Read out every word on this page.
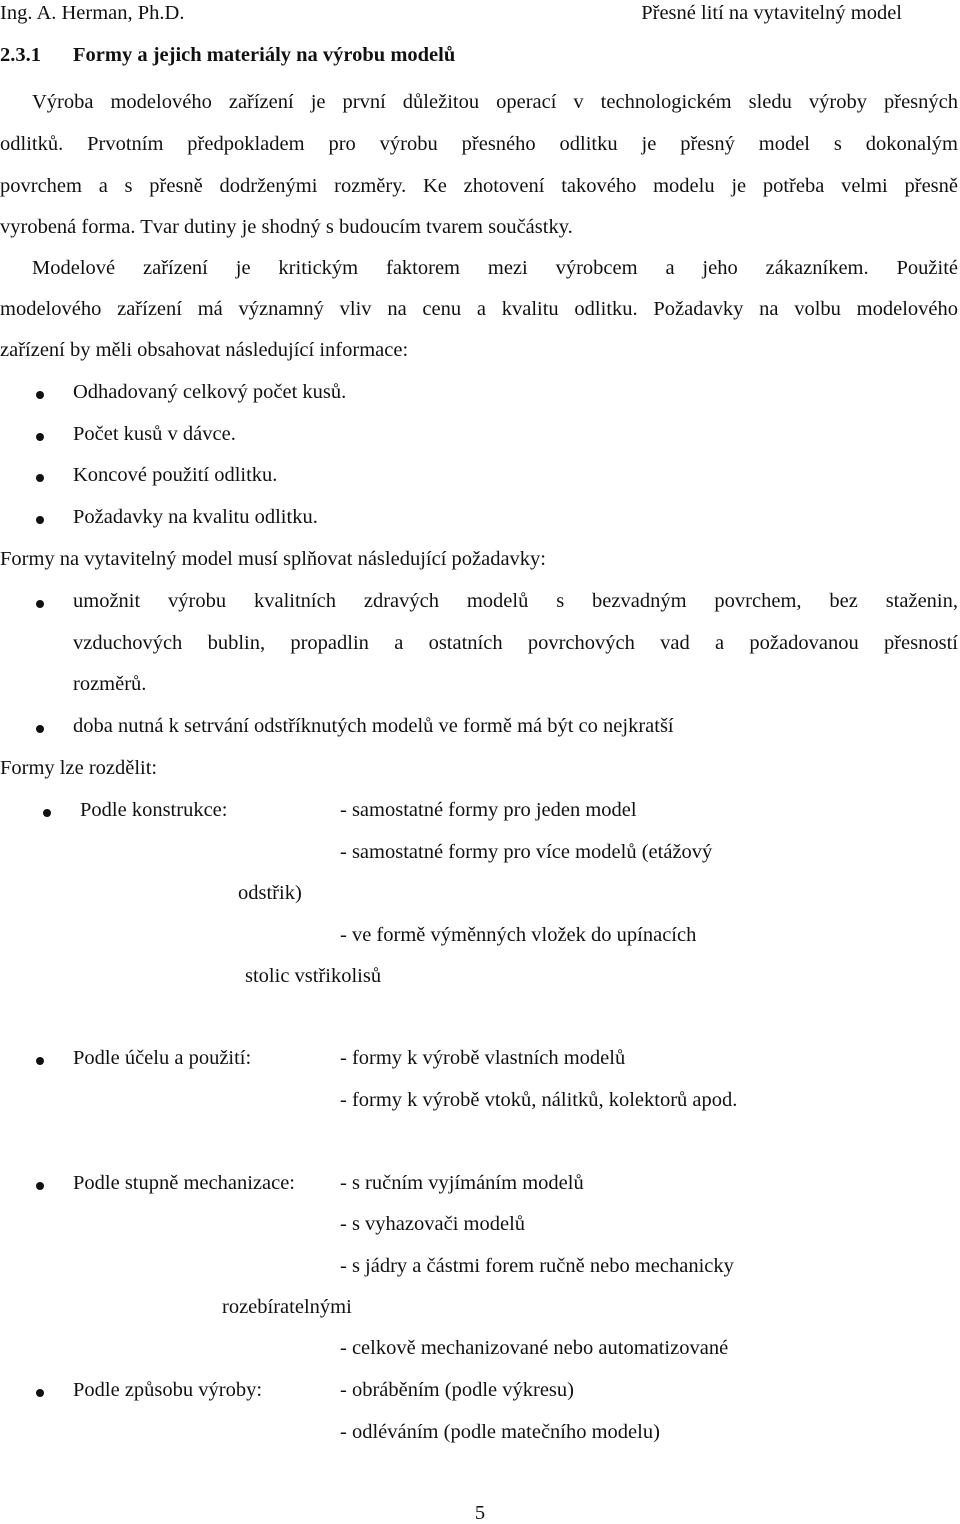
Ing. A. Herman, Ph.D.	Přesné lití na vytavitelný model
2.3.1 Formy a jejich materiály na výrobu modelů
Výroba modelového zařízení je první důležitou operací v technologickém sledu výroby přesných
odlitků. Prvotním předpokladem pro výrobu přesného odlitku je přesný model s dokonalým
povrchem a s přesně dodrženými rozměry. Ke zhotovení takového modelu je potřeba velmi přesně
vyrobená forma. Tvar dutiny je shodný s budoucím tvarem součástky.
Modelové zařízení je kritickým faktorem mezi výrobcem a jeho zákazníkem. Použité
modelového zařízení má významný vliv na cenu a kvalitu odlitku. Požadavky na volbu modelového
zařízení by měli obsahovat následující informace:
Odhadovaný celkový počet kusů.
Počet kusů v dávce.
Koncové použití odlitku.
Požadavky na kvalitu odlitku.
Formy na vytavitelný model musí splňovat následující požadavky:
umožnit výrobu kvalitních zdravých modelů s bezvadným povrchem, bez staženin,
vzduchových bublin, propadlin a ostatních povrchových vad a požadovanou přesností
rozměrů.
doba nutná k setrvání odstříknutých modelů ve formě má být co nejkratší
Formy lze rozdělit:
Podle konstrukce:	- samostatné formy pro jeden model
- samostatné formy pro více modelů (etážový
odstřik)
- ve formě výměnných vložek do upínacích
stolic vstřikolisů
Podle účelu a použití:	- formy k výrobě vlastních modelů
- formy k výrobě vtoků, nálitků, kolektorů apod.
Podle stupně mechanizace: - s ručním vyjímáním modelů
- s vyhazovači modelů
- s jádry a částmi forem ručně nebo mechanicky
rozebíratelnými
- celkově mechanizované nebo automatizované
Podle způsobu výroby:	- obráběním (podle výkresu)
- odléváním (podle matečního modelu)
5
